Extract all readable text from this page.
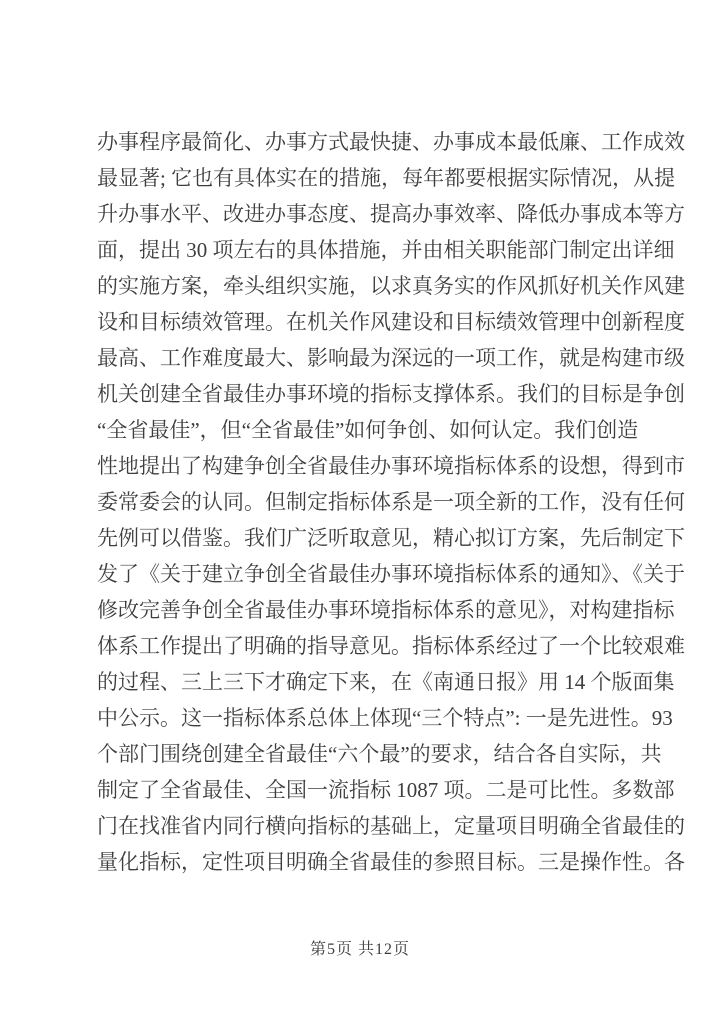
办事程序最简化、办事方式最快捷、办事成本最低廉、工作成效
最显著; 它也有具体实在的措施，每年都要根据实际情况，从提
升办事水平、改进办事态度、提高办事效率、降低办事成本等方
面，提出 30 项左右的具体措施，并由相关职能部门制定出详细
的实施方案，牵头组织实施，以求真务实的作风抓好机关作风建
设和目标绩效管理。在机关作风建设和目标绩效管理中创新程度
最高、工作难度最大、影响最为深远的一项工作，就是构建市级
机关创建全省最佳办事环境的指标支撑体系。我们的目标是争创
“全省最佳”，但“全省最佳”如何争创、如何认定。我们创造
性地提出了构建争创全省最佳办事环境指标体系的设想，得到市
委常委会的认同。但制定指标体系是一项全新的工作，没有任何
先例可以借鉴。我们广泛听取意见，精心拟订方案，先后制定下
发了《关于建立争创全省最佳办事环境指标体系的通知》、《关于
修改完善争创全省最佳办事环境指标体系的意见》，对构建指标
体系工作提出了明确的指导意见。指标体系经过了一个比较艰难
的过程、三上三下才确定下来，在《南通日报》用 14 个版面集
中公示。这一指标体系总体上体现“三个特点”: 一是先进性。93
个部门围绕创建全省最佳“六个最”的要求，结合各自实际，共
制定了全省最佳、全国一流指标 1087 项。二是可比性。多数部
门在找准省内同行横向指标的基础上，定量项目明确全省最佳的
量化指标，定性项目明确全省最佳的参照目标。三是操作性。各
第5页 共12页
